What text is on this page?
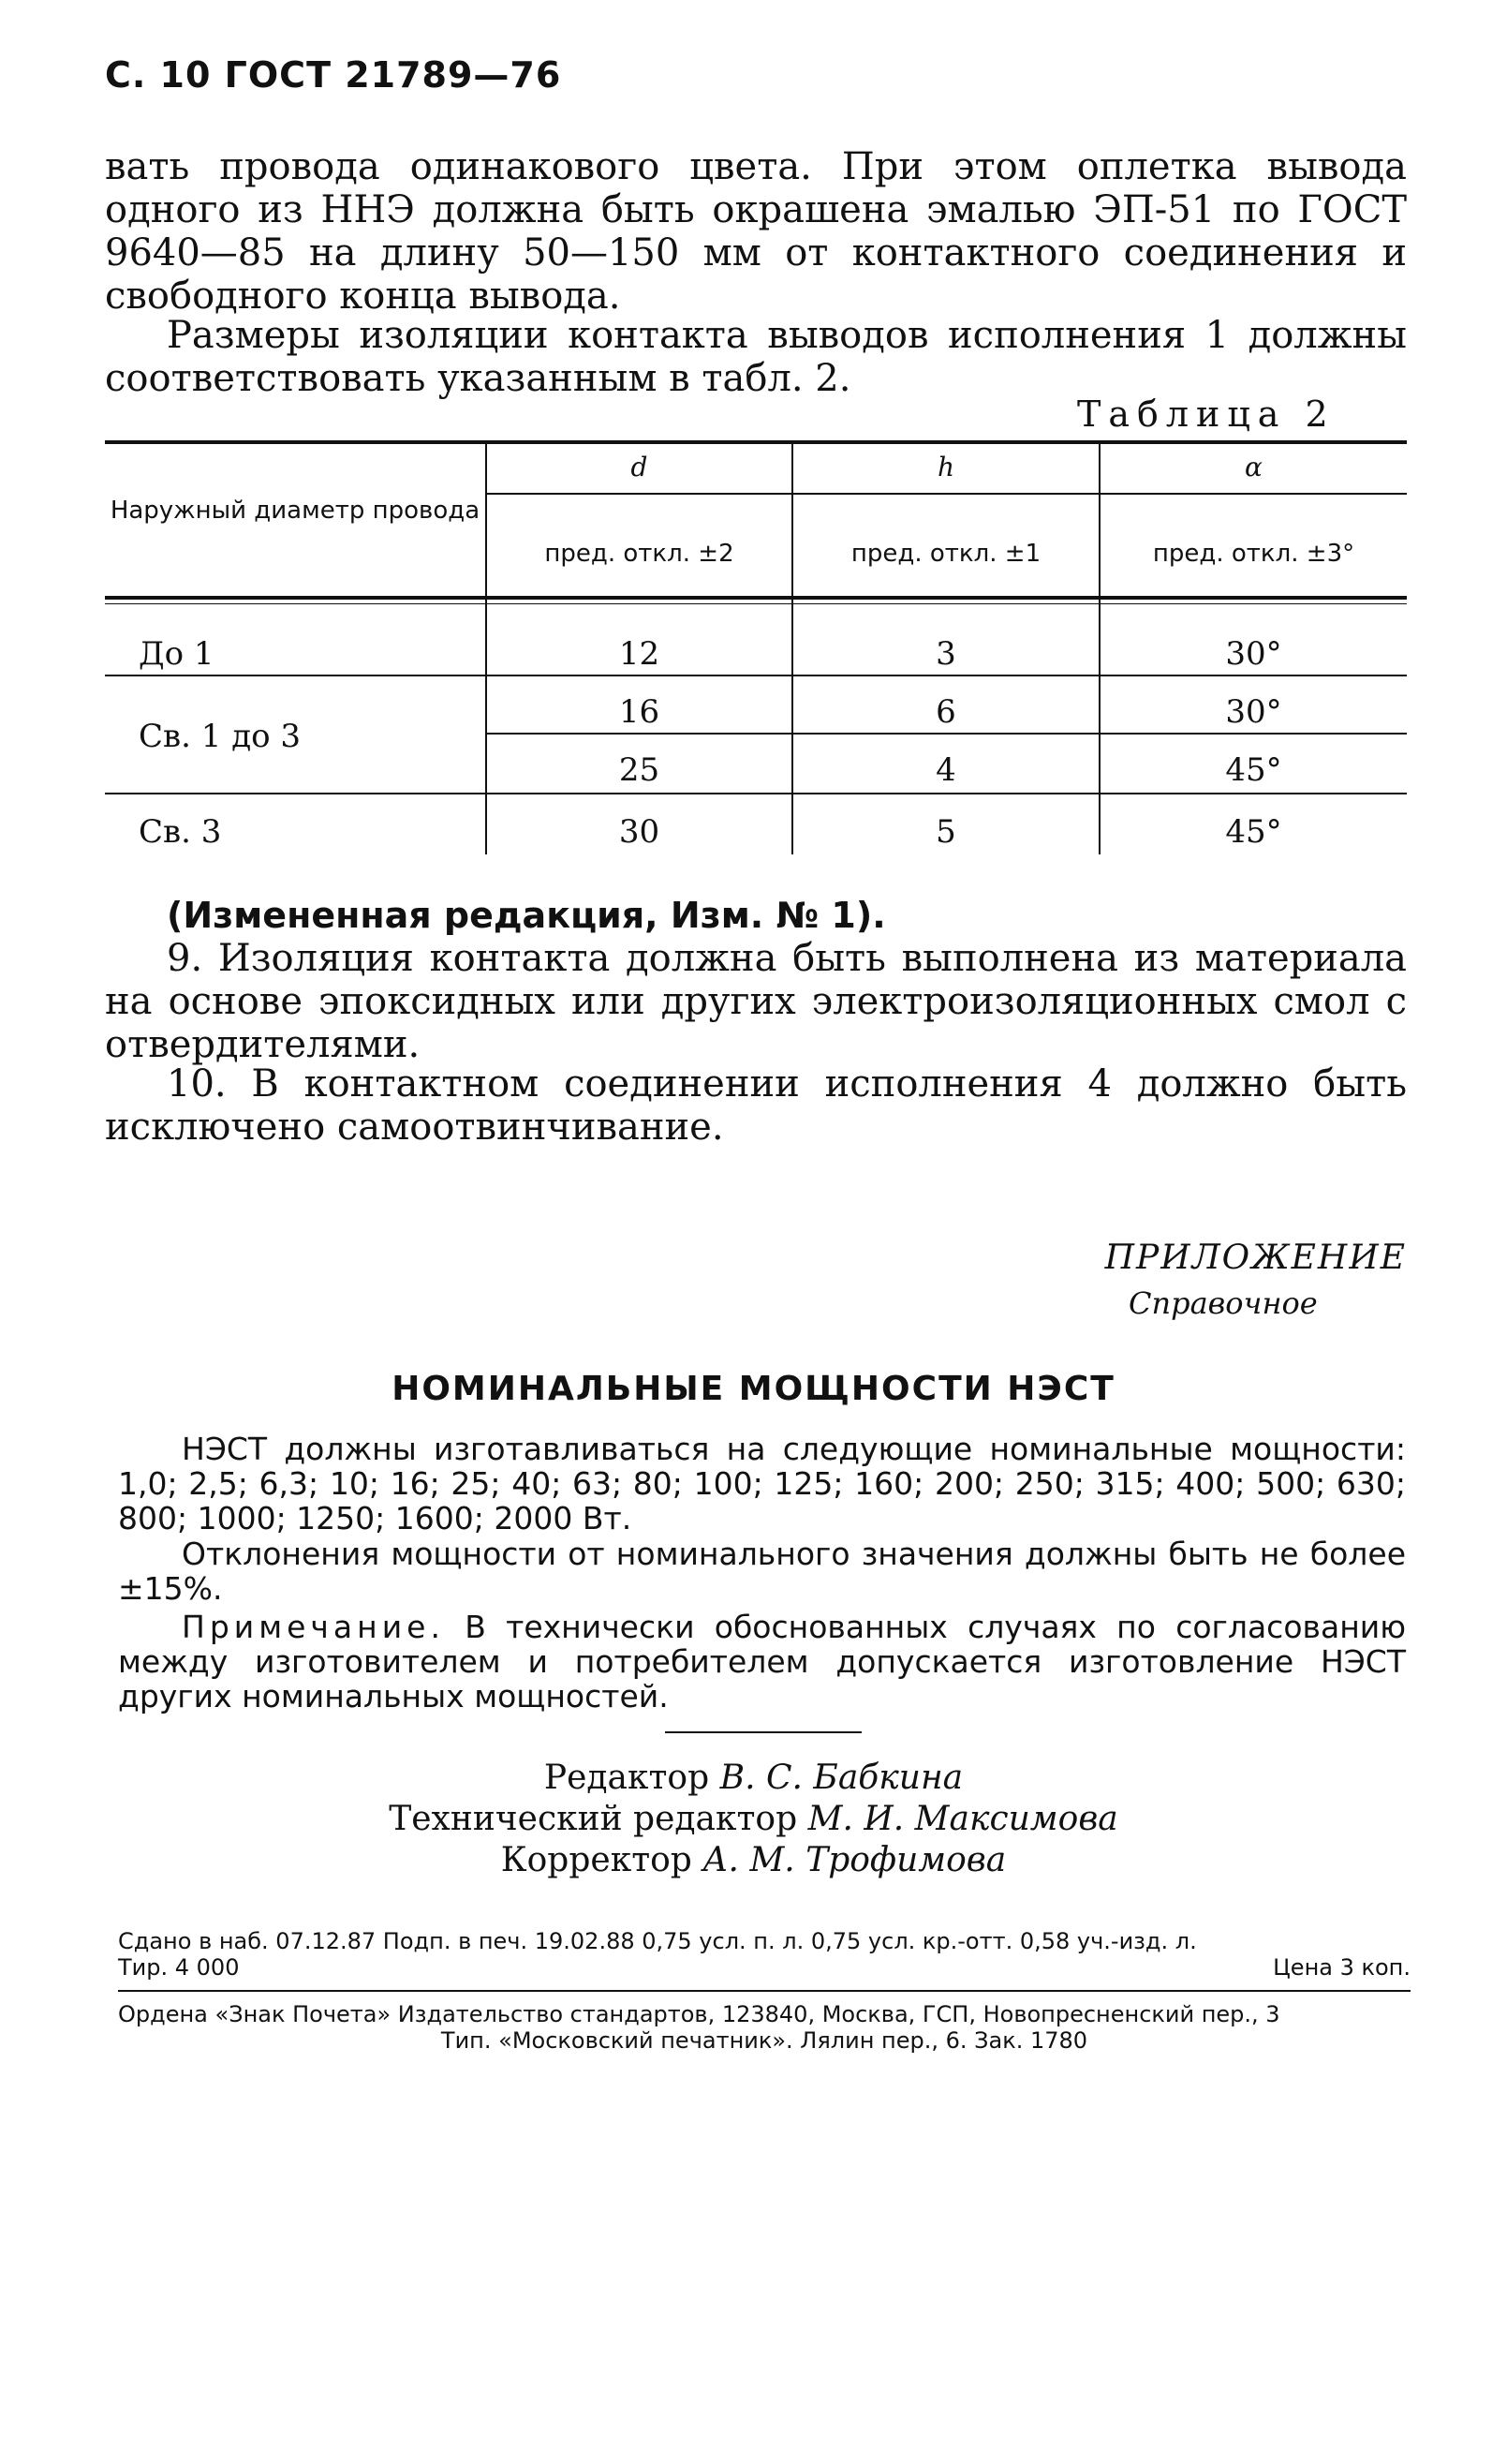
С. 10 ГОСТ 21789—76

вать провода одинакового цвета. При этом оплетка вывода одного из ННЭ должна быть окрашена эмалью ЭП-51 по ГОСТ 9640—85 на длину 50—150 мм от контактного соединения и свободного конца вывода.

Размеры изоляции контакта выводов исполнения 1 должны соответствовать указанным в табл. 2.

Таблица 2
Наружный диаметр провода
d	h	α
пред. откл. ±2	пред. откл. ±1	пред. откл. ±3°
До 1	12	3	30°
Св. 1 до 3
16	6	30°
25	4	45°
Св. 3	30	5	45°
(Измененная редакция, Изм. № 1).

9. Изоляция контакта должна быть выполнена из материала на основе эпоксидных или других электроизоляционных смол с отвердителями.

10. В контактном соединении исполнения 4 должно быть исключено самоотвинчивание.

ПРИЛОЖЕНИЕ
Справочное
НОМИНАЛЬНЫЕ МОЩНОСТИ НЭСТ

НЭСТ должны изготавливаться на следующие номинальные мощности: 1,0; 2,5; 6,3; 10; 16; 25; 40; 63; 80; 100; 125; 160; 200; 250; 315; 400; 500; 630; 800; 1000; 1250; 1600; 2000 Вт.

Отклонения мощности от номинального значения должны быть не более ±15%.

Примечание. В технически обоснованных случаях по согласованию между изготовителем и потребителем допускается изготовление НЭСТ других номинальных мощностей.

Редактор В. С. Бабкина
Технический редактор М. И. Максимова
Корректор А. М. Трофимова
Сдано в наб. 07.12.87 Подп. в печ. 19.02.88 0,75 усл. п. л. 0,75 усл. кр.-отт. 0,58 уч.-изд. л.
Тир. 4 000	Цена 3 коп.
Ордена «Знак Почета» Издательство стандартов, 123840, Москва, ГСП, Новопресненский пер., 3
Тип. «Московский печатник». Лялин пер., 6. Зак. 1780
